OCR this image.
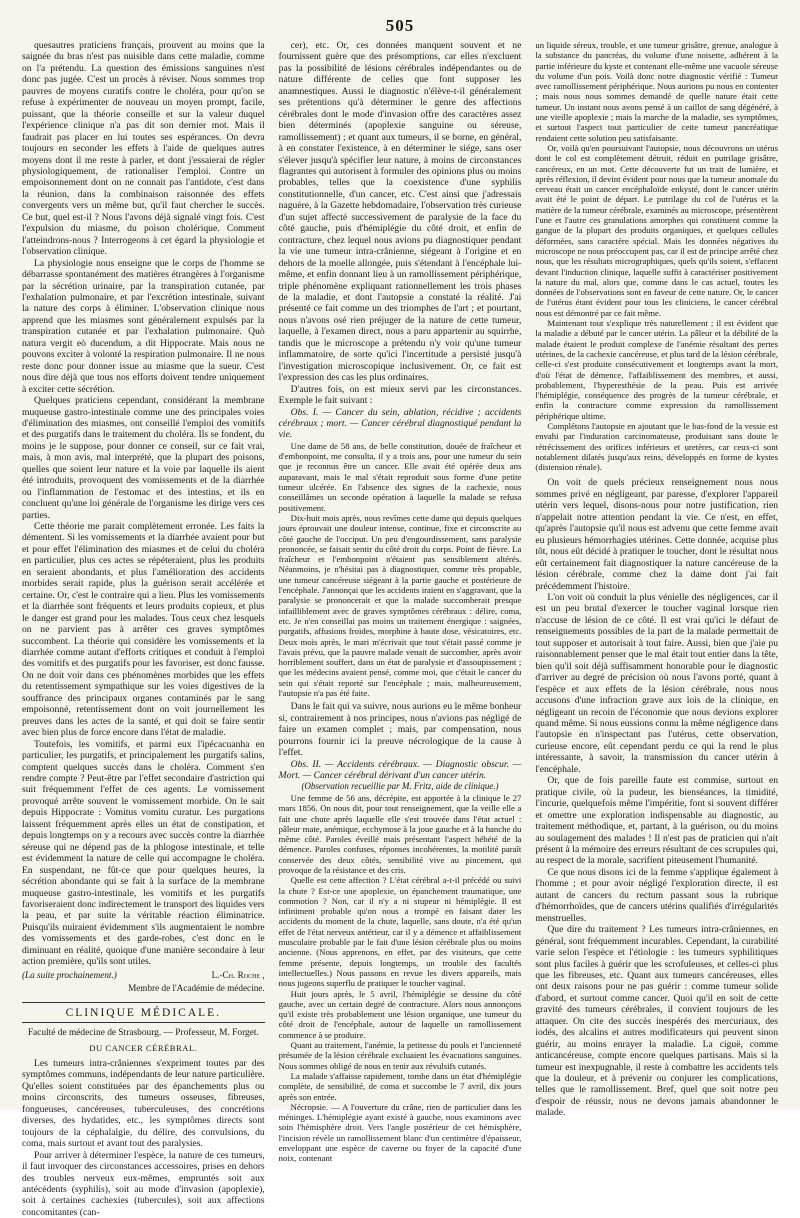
505

quesautres praticiens français, prouvent au moins que la saignée du bras n'est pas nuisible dans cette maladie, comme on l'a prétendu. La question des émissions sanguines n'est donc pas jugée. C'est un procès à réviser. Nous sommes trop pauvres de moyens curatifs contre le choléra, pour qu'on se refuse à expérimenter de nouveau un moyen prompt, facile, puissant, que la théorie conseille et sur la valeur duquel l'expérience clinique n'a pas dit son dernier mot. Mais il faudrait pas placer en lui toutes ses espérances. On devra toujours en seconder les effets à l'aide de quelques autres moyens dont il me reste à parler, et dont j'essaierai de régler physiologiquement, de rationaliser l'emploi. Contre un empoisonnement dont on ne connait pas l'antidote, c'est dans la réunion, dans la combinaison raisonnée des effets convergents vers un même but, qu'il faut chercher le succès. Ce but, quel est-il ? Nous l'avons déjà signalé vingt fois. C'est l'expulsion du miasme, du poison cholérique. Comment l'atteindrons-nous ? Interrogeons à cet égard la physiologie et l'observation clinique.

La physiologie nous enseigne que le corps de l'homme se débarrasse spontanément des matières étrangères à l'organisme par la sécrétion urinaire, par la transpiration cutanée, par l'exhalation pulmonaire, et par l'excrétion intestinale, suivant la nature des corps à éliminer. L'observation clinique nous apprend que les miasmes sont généralement expulsés par la transpiration cutanée et par l'exhalation pulmonaire. Quò natura vergit eò ducendum, a dit Hippocrate. Mais nous ne pouvons exciter à volonté la respiration pulmonaire. Il ne nous reste donc pour donner issue au miasme que la sueur. C'est nous dire déjà que tous nos efforts doivent tendre uniquement à exciter cette sécrétion.

Quelques praticiens cependant, considérant la membrane muqueuse gastro-intestinale comme une des principales voies d'élimination des miasmes, ont conseillé l'emploi des vomitifs et des purgatifs dans le traitement du choléra. Ils se fondent, du moins je le suppose, pour donner ce conseil, sur ce fait vrai, mais, à mon avis, mal interprété, que la plupart des poisons, quelles que soient leur nature et la voie par laquelle ils aient été introduits, provoquent des vomissements et de la diarrhée ou l'inflammation de l'estomac et des intestins, et ils en concluent qu'une loi générale de l'organisme les dirige vers ces parties.

Cette théorie me parait complètement erronée. Les faits la démentent. Si les vomissements et la diarrhée avaient pour but et pour effet l'élimination des miasmes et de celui du choléra en particulier, plus ces actes se répéteraient, plus les produits en seraient abondants, et plus l'amélioration des accidents morbides serait rapide, plus la guérison serait accélérée et certaine. Or, c'est le contraire qui a lieu. Plus les vomissements et la diarrhée sont fréquents et leurs produits copieux, et plus le danger est grand pour les malades. Tous ceux chez lesquels on ne parvient pas à arrêter ces graves symptômes succombent. La théorie qui considère les vomissements et la diarrhée comme autant d'efforts critiques et conduit à l'emploi des vomitifs et des purgatifs pour les favoriser, est donc fausse. On ne doit voir dans ces phénomènes morbides que les effets du retentissement sympathique sur les voies digestives de la souffrance des principaux organes contaminés par le sang empoisonné, retentissement dont on voit journellement les preuves dans les actes de la santé, et qui doit se faire sentir avec bien plus de force encore dans l'état de maladie.

Toutefois, les vomitifs, et parmi eux l'ipécacuanha en particulier, les purgatifs, et principalement les purgatifs salins, comptent quelques succès dans le choléra. Comment s'en rendre compte ? Peut-être par l'effet secondaire d'astriction qui suit fréquemment l'effet de ces agents. Le vomissement provoqué arrête souvent le vomissement morbide. On le sait depuis Hippocrate : Vomitus vomitu curatur. Les purgations laissent fréquemment après elles un état de constipation, et depuis longtemps on y a recours avec succès contre la diarrhée séreuse qui ne dépend pas de la phlogose intestinale, et telle est évidemment la nature de celle qui accompagne le choléra. En suspendant, ne fût-ce que pour quelques heures, la sécrétion abondante qui se fait à la surface de la membrane muqueuse gastro-intestinale, les vomitifs et les purgatifs favoriseraient donc indirectement le transport des liquides vers la peau, et par suite la véritable réaction éliminatrice. Puisqu'ils nuiraient évidemment s'ils augmentaient le nombre des vomissements et des garde-robes, c'est donc en le diminuant en réalité, quoique d'une manière secondaire à leur action première, qu'ils sont utiles.

(La suite prochainement.)	L.-Ch. Roche ,
Membre de l'Académie de médecine.
CLINIQUE MÉDICALE.
Faculté de médecine de Strasbourg. — Professeur, M. Forget.
DU CANCER CÉRÉBRAL.

Les tumeurs intra-crâniennes s'expriment toutes par des symptômes communs, indépendants de leur nature particulière. Qu'elles soient constituées par des épanchements plus ou moins circonscrits, des tumeurs osseuses, fibreuses, fongueuses, cancéreuses, tuberculeuses, des concrétions diverses, des hydatides, etc., les symptômes directs sont toujours de la céphalalgie, du délire, des convulsions, du coma, mais surtout et avant tout des paralysies.

Pour arriver à déterminer l'espèce, la nature de ces tumeurs, il faut invoquer des circonstances accessoires, prises en dehors des troubles nerveux eux-mêmes, empruntés soit aux antécédents (syphilis), soit au mode d'invasion (apoplexie), soit à certaines cachexies (tubercules), soit aux affections concomitantes (can-

cer), etc. Or, ces données manquent souvent et ne fournissent guère que des présomptions, car elles n'excluent pas la possibilité de lésions cérébrales indépendantes ou de nature différente de celles que font supposer les anamnestiques. Aussi le diagnostic n'élève-t-il généralement ses prétentions qu'à déterminer le genre des affections cérébrales dont le mode d'invasion offre des caractères assez bien déterminés (apoplexie sanguine ou séreuse, ramollissement) ; et quant aux tumeurs, il se borne, en général, à en constater l'existence, à en déterminer le siége, sans oser s'élever jusqu'à spécifier leur nature, à moins de circonstances flagrantes qui autorisent à formuler des opinions plus ou moins probables, telles que la coexistence d'une syphilis constitutionnelle, d'un cancer, etc. C'est ainsi que j'adressais naguère, à la Gazette hebdomadaire, l'observation très curieuse d'un sujet affecté successivement de paralysie de la face du côté gauche, puis d'hémiplégie du côté droit, et enfin de contracture, chez lequel nous avions pu diagnostiquer pendant la vie une tumeur intra-crânienne, siégeant à l'origine et en dehors de la moelle allongée, puis s'étendant à l'encéphale lui-même, et enfin donnant lieu à un ramollissement périphérique, triple phénomène expliquant rationnellement les trois phases de la maladie, et dont l'autopsie a constaté la réalité. J'ai présenté ce fait comme un des triomphes de l'art ; et pourtant, nous n'avons osé rien préjuger de la nature de cette tumeur, laquelle, à l'examen direct, nous a paru appartenir au squirrhe, tandis que le microscope a prétendu n'y voir qu'une tumeur inflammatoire, de sorte qu'ici l'incertitude a persisté jusqu'à l'investigation microscopique inclusivement. Or, ce fait est l'expression des cas les plus ordinaires.

D'autres fois, on est mieux servi par les circonstances. Exemple le fait suivant :

Obs. I. — Cancer du sein, ablation, récidive ; accidents cérébraux ; mort. — Cancer cérébral diagnostiqué pendant la vie.

Une dame de 58 ans, de belle constitution, douée de fraîcheur et d'embonpoint, me consulta, il y a trois ans, pour une tumeur du sein que je reconnus être un cancer. Elle avait été opérée deux ans auparavant, mais le mal s'était reproduit sous forme d'une petite tumeur ulcérée. En l'absence des signes de la cachexie, nous conseillâmes un seconde opération à laquelle la malade se refusa positivement.

Dix-huit mois après, nous revîmes cette dame qui depuis quelques jours éprouvait une douleur intense, continue, fixe et circonscrite au côté gauche de l'occiput. Un peu d'engourdissement, sans paralysie prononcée, se faisait sentir du côté droit du corps. Point de fièvre. La fraîcheur et l'embonpoint n'étaient pas sensiblement altérés. Néanmoins, je n'hésitai pas à diagnostiquer, comme très propable, une tumeur cancéreuse siégeant à la partie gauche et postérieure de l'encéphale. J'annonçai que les accidents iraient en s'aggravant, que la paralysie se prononcerait et que la malade succomberait presque infailliblement avec de graves symptômes cérébraux : délire, coma, etc. Je n'en conseillai pas moins un traitement énergique : saignées, purgatifs, affusions froides, morphine à haute dose, vésicatoires, etc. Deux mois après, le mari m'écrivait que tout s'était passé comme je l'avais prévu, que la pauvre malade venait de succomber, après avoir horriblement souffert, dans un état de paralysie et d'assoupissement ; que les médecins avaient pensé, comme moi, que c'était le cancer du sein qui s'était reporté sur l'encéphale ; mais, malheureusement, l'autopsie n'a pas été faite.

Dans le fait qui va suivre, nous aurions eu le même bonheur si, contrairement à nos principes, nous n'avions pas négligé de faire un examen complet ; mais, par compensation, nous pourrons fournir ici la preuve nécrologique de la cause à l'effet.

Obs. II. — Accidents cérébraux. — Diagnostic obscur. — Mort. — Cancer cérébral dérivant d'un cancer utérin.

(Observation recueillie par M. Fritz, aide de clinique.)

Une femme de 56 ans, décrépite, est apportée à la clinique le 27 mars 1856. On nous dit, pour tout renseignement, que la veille elle a fait une chute après laquelle elle s'est trouvée dans l'état actuel : pâleur mate, anémique, ecchymose à la joue gauche et à la hanche du même côté. Paroles éveillé mais présentant l'aspect hébété de la démence. Paroles confuses, réponses incohérentes, la motilité paraît conservée des deux côtés, sensibilité vive au pincement, qui provoque de la résistance et des cris.

Quelle est cette affection ? L'état cérébral a-t-il précédé ou suivi la chute ? Est-ce une apoplexie, un épanchement traumatique, une commotion ? Non, car il n'y a ni stupeur ni hémiplégie. Il est infiniment probable qu'on nous a trompé en faisant dater les accidents du moment de la chute, laquelle, sans doute, n'a été qu'un effet de l'état nerveux antérieur, car il y a démence et affaiblissement musculaire probable par le fait d'une lésion cérébrale plus ou moins ancienne. (Nous apprenons, en effet, par des visiteurs, que cette femme présente, depuis longtemps, un trouble des facultés intellectuelles.) Nous passons en revue les divers appareils, mais nous jugeons superflu de pratiquer le toucher vaginal.

Huit jours après, le 5 avril, l'hémiplégie se dessine du côté gauche, avec un certain degré de contracture. Alors nous annonçons qu'il existe très probablement une lésion organique, une tumeur du côté droit de l'encéphale, autour de laquelle un ramollissement commence à se produire.

Quant au traitement, l'anémie, la petitesse du pouls et l'ancienneté présumée de la lésion cérébrale excluaient les évacuations sanguines. Nous sommes obligé de nous en tenir aux révulsifs cutanés.

La malade s'affaisse rapidement, tombe dans un état d'hémiplégie complète, de sensibilité, de coma et succombe le 7 avril, dix jours après son entrée.

Nécropsie. — A l'ouverture du crâne, rien de particulier dans les méninges. L'hémiplégie ayant existé à gauche, nous examinons avec soin l'hémisphère droit. Vers l'angle postérieur de cet hémisphère, l'incision révèle un ramollissement blanc d'un centimètre d'épaisseur, enveloppant une espèce de caverne ou foyer de la capacité d'une noix, contenant

un liquide séreux, trouble, et une tumeur grisâtre, grenue, analogue à la substance du pancréas, du volume d'une noisette, adhérent à la partie inférieure du kyste et contenant elle-même une vacuole séreuse du volume d'un pois. Voilà donc notre diagnostic vérifié : Tumeur avec ramollissement périphérique. Nous aurions pu nous en contenter ; mais nous nous sommes demandé de quelle nature était cette tumeur. Un instant nous avons pensé à un caillot de sang dégénéré, à une vieille apoplexie ; mais la marche de la maladie, ses symptômes, et surtout l'aspect tout particulier de cette tumeur pancréatique rendaient cette solution peu satisfaisante.

Or, voilà qu'en poursuivant l'autopsie, nous découvrons un utérus dont le col est complètement détruit, réduit en putrilage grisâtre, cancéreux, en un mot. Cette découverte fut un trait de lumière, et après réflexion, il devint évident pour nous que la tumeur anomale du cerveau était un cancer encéphaloïde enkysté, dont le cancer utérin avait été le point de départ. Le putrilage du col de l'utérus et la matière de la tumeur cérébrale, examinés au microscope, présentèrent l'une et l'autre ces granulations amorphes qui constituent comme la gangue de la plupart des produits organiques, et quelques cellules déformées, sans caractère spécial. Mais les données négatives du microscope ne nous préoccupent pas, car il est de principe arrêté chez nous, que les résultats micrographiques, quels qu'ils soient, s'effacent devant l'induction clinique, laquelle suffit à caractériser positivement la nature du mal, alors que, comme dans le cas actuel, toutes les données de l'observations sont en faveur de cette nature. Or, le cancer de l'utérus étant évident pour tous les cliniciens, le cancer cérébral nous est démontré par ce fait même.

Maintenant tout s'explique très naturellement ; il est évident que la maladie a débuté par le cancer utérin. La pâleur et la débilité de la malade étaient le produit complexe de l'anémie résultant des pertes utérines, de la cachexie cancéreuse, et plus tard de la lésion cérébrale, celle-ci s'est produite consécutivement et longtemps avant la mort, d'où l'état de démence, l'affaiblissement des membres, et aussi, probablement, l'hyperesthésie de la peau. Puis est arrivée l'hémiplégie, conséquence des progrès de la tumeur cérébrale, et enfin la contracture comme expression du ramollissement périphérique ultime.

Complétons l'autopsie en ajoutant que le bas-fond de la vessie est envahi par l'induration carcinomateuse, produisant sans doute le rétrécissement des orifices inférieurs et uretères, car ceux-ci sont notablement dilatés jusqu'aux reins, développés en forme de kystes (distension rénale).

On voit de quels précieux renseignement nous nous sommes privé en négligeant, par paresse, d'explorer l'appareil utérin vers lequel, disons-nous pour notre justification, rien n'appelait notre attention pendant la vie. Ce n'est, en effet, qu'après l'autopsie qu'il nous est advenu que cette femme avait eu plusieurs hémorrhagies utérines. Cette donnée, acquise plus tôt, nous eût décidé à pratiquer le toucher, dont le résultat nous eût certainement fait diagnostiquer la nature cancéreuse de la lésion cérébrale, comme chez la dame dont j'ai fait précédemment l'histoire.

L'on voit où conduit la plus vénielle des négligences, car il est un peu brutal d'exercer le toucher vaginal lorsque rien n'accuse de lésion de ce côté. Il est vrai qu'ici le défaut de renseignements possibles de la part de la malade permettait de tout supposer et autorisait à tout faire. Aussi, bien que j'aie pu raisonnablement penser que le mal était tout entier dans la tête, bien qu'il soit déjà suffisamment honorable pour le diagnostic d'arriver au degré de précision où nous l'avons porté, quant à l'espèce et aux effets de la lésion cérébrale, nous nous accusons d'une infraction grave aux lois de la clinique, en négligeant un recoin de l'économie que nous devions explorer quand même. Si nous eussions connu la même négligence dans l'autopsie en n'inspectant pas l'utérus, cette observation, curieuse encore, eût cependant perdu ce qui la rend le plus intéressante, à savoir, la transmission du cancer utérin à l'encéphale.

Or, que de fois pareille faute est commise, surtout en pratique civile, où la pudeur, les bienséances, la timidité, l'incurie, quelquefois même l'impéritie, font si souvent différer et omettre une exploration indispensable au diagnostic, au traitement méthodique, et, partant, à la guérison, ou du moins au soulagement des malades ! Il n'est pas de praticien qui n'ait présent à la mémoire des erreurs résultant de ces scrupules qui, au respect de la morale, sacrifient piteusement l'humanité.

Ce que nous disons ici de la femme s'applique également à l'homme ; et pour avoir négligé l'exploration directe, il est autant de cancers du rectum passant sous la rubrique d'hémorrhoïdes, que de cancers utérins qualifiés d'irrégularités menstruelles.

Que dire du traitement ? Les tumeurs intra-crâniennes, en général, sont fréquemment incurables. Cependant, la curabilité varie selon l'espèce et l'étiologie : les tumeurs syphilitiques sont plus faciles à guérir que les scrofuleuses, et celles-ci plus que les fibreuses, etc. Quant aux tumeurs cancéreuses, elles ont deux raisons pour ne pas guérir : comme tumeur solide d'abord, et surtout comme cancer. Quoi qu'il en soit de cette gravité des tumeurs cérébrales, il convient toujours de les attaquer. On cite des succès inespérés des mercuriaux, des iodés, des alcalins et autres modificateurs qui peuvent sinon guérir, au moins enrayer la maladie. La ciguë, comme anticancéreuse, compte encore quelques partisans. Mais si la tumeur est inexpugnable, il reste à combattre les accidents tels que la douleur, et à prévenir ou conjurer les complications, telles que le ramollissement. Bref, quel que soit notre peu d'espoir de réussir, nous ne devons jamais abandonner le malade.
